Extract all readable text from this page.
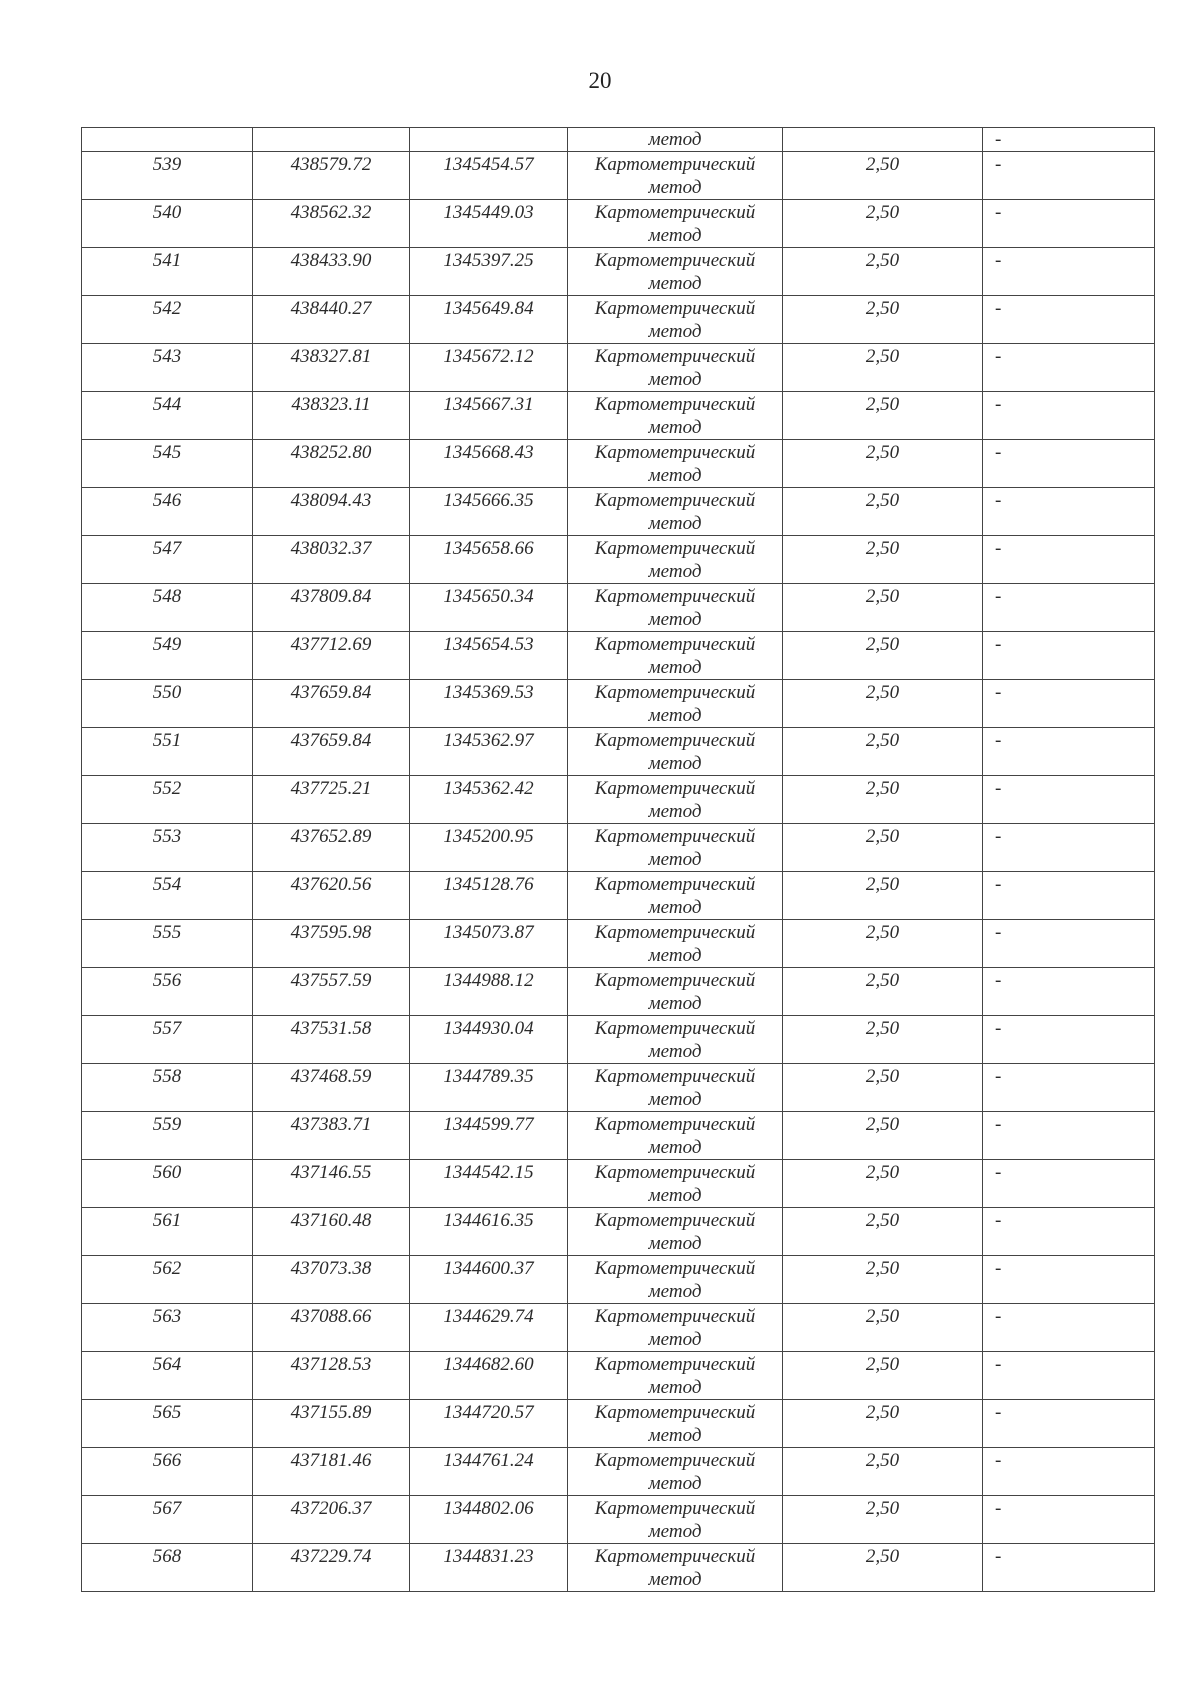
20
			метод		-
539	438579.72	1345454.57	Картометрический
метод	2,50	-
540	438562.32	1345449.03	Картометрический
метод	2,50	-
541	438433.90	1345397.25	Картометрический
метод	2,50	-
542	438440.27	1345649.84	Картометрический
метод	2,50	-
543	438327.81	1345672.12	Картометрический
метод	2,50	-
544	438323.11	1345667.31	Картометрический
метод	2,50	-
545	438252.80	1345668.43	Картометрический
метод	2,50	-
546	438094.43	1345666.35	Картометрический
метод	2,50	-
547	438032.37	1345658.66	Картометрический
метод	2,50	-
548	437809.84	1345650.34	Картометрический
метод	2,50	-
549	437712.69	1345654.53	Картометрический
метод	2,50	-
550	437659.84	1345369.53	Картометрический
метод	2,50	-
551	437659.84	1345362.97	Картометрический
метод	2,50	-
552	437725.21	1345362.42	Картометрический
метод	2,50	-
553	437652.89	1345200.95	Картометрический
метод	2,50	-
554	437620.56	1345128.76	Картометрический
метод	2,50	-
555	437595.98	1345073.87	Картометрический
метод	2,50	-
556	437557.59	1344988.12	Картометрический
метод	2,50	-
557	437531.58	1344930.04	Картометрический
метод	2,50	-
558	437468.59	1344789.35	Картометрический
метод	2,50	-
559	437383.71	1344599.77	Картометрический
метод	2,50	-
560	437146.55	1344542.15	Картометрический
метод	2,50	-
561	437160.48	1344616.35	Картометрический
метод	2,50	-
562	437073.38	1344600.37	Картометрический
метод	2,50	-
563	437088.66	1344629.74	Картометрический
метод	2,50	-
564	437128.53	1344682.60	Картометрический
метод	2,50	-
565	437155.89	1344720.57	Картометрический
метод	2,50	-
566	437181.46	1344761.24	Картометрический
метод	2,50	-
567	437206.37	1344802.06	Картометрический
метод	2,50	-
568	437229.74	1344831.23	Картометрический
метод	2,50	-
